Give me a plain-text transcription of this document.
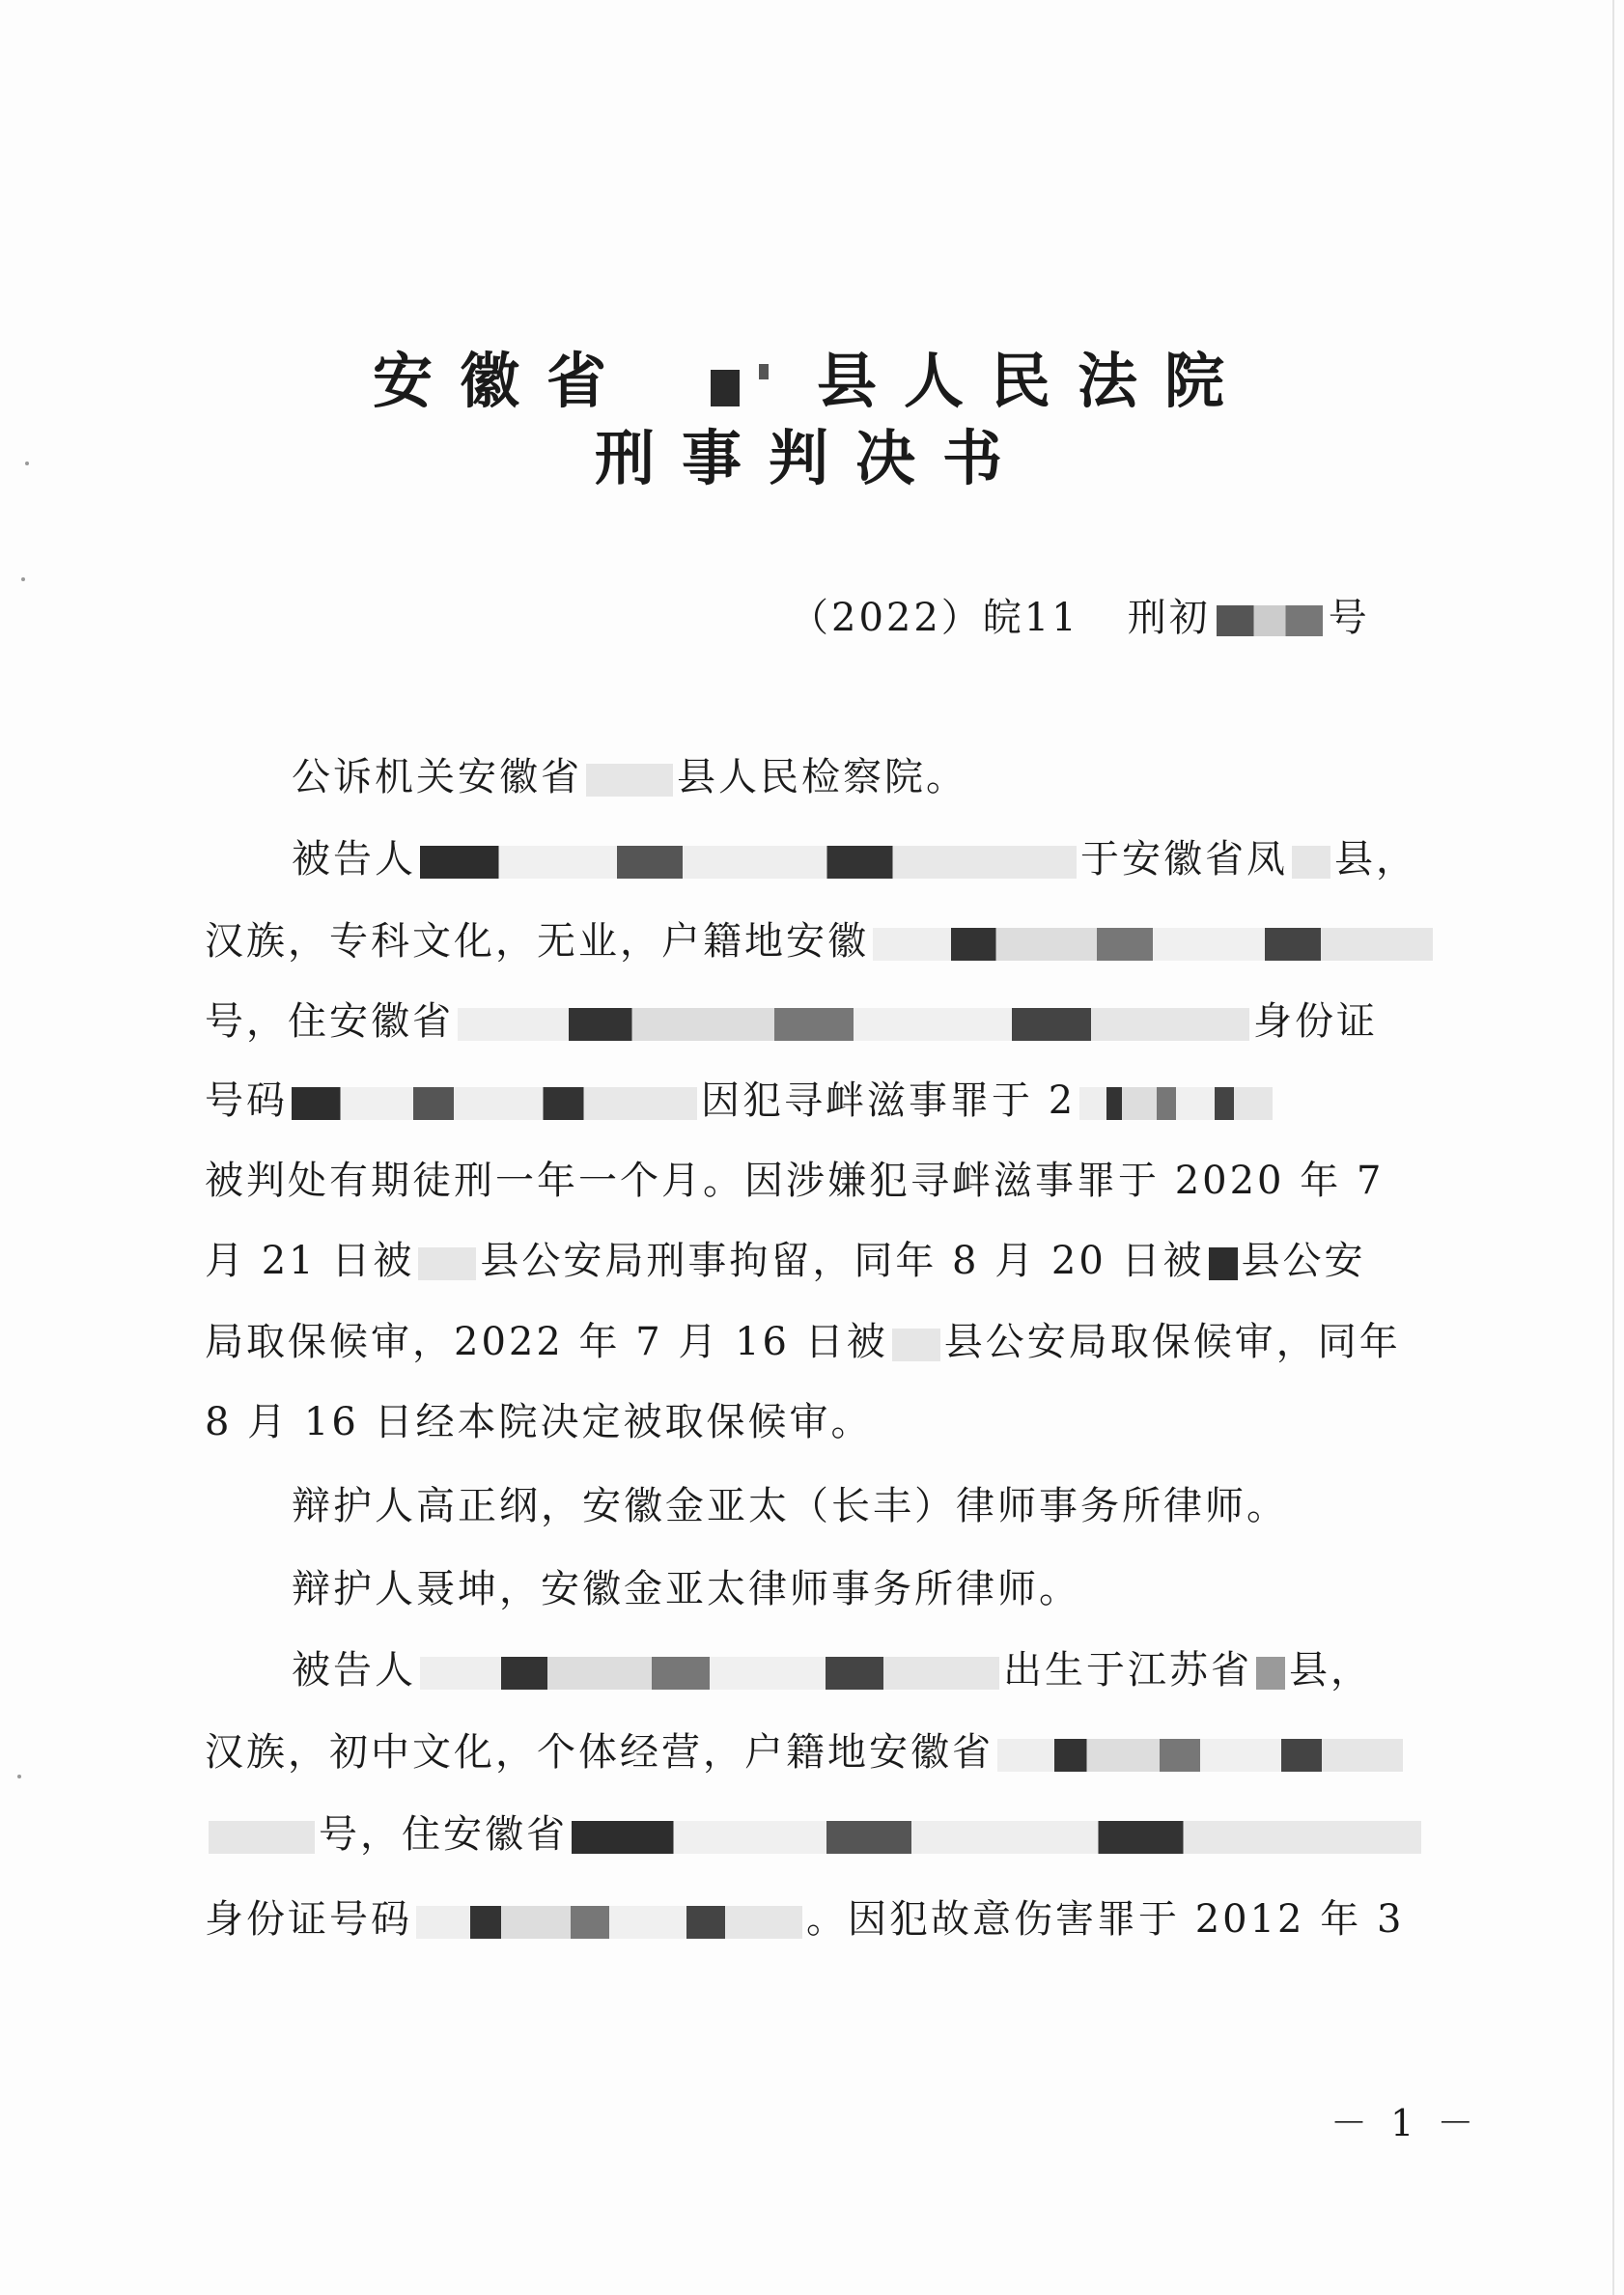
安徽省	县人民法院
刑事判决书
（2022）皖11 刑初	号
公诉机关安徽省 县人民检察院。
被告人	于安徽省凤 县，
汉族，专科文化，无业，户籍地安徽
号，住安徽省	身份证
号码	因犯寻衅滋事罪于 2
被判处有期徒刑一年一个月。因涉嫌犯寻衅滋事罪于 2020 年 7
月 21 日被 县公安局刑事拘留，同年 8 月 20 日被 县公安
局取保候审，2022 年 7 月 16 日被 县公安局取保候审，同年
8 月 16 日经本院决定被取保候审。
辩护人高正纲，安徽金亚太（长丰）律师事务所律师。
辩护人聂坤，安徽金亚太律师事务所律师。
被告人	出生于江苏省 县，
汉族，初中文化，个体经营，户籍地安徽省
号，住安徽省
身份证号码	。因犯故意伤害罪于 2012 年 3
－ 1 －
